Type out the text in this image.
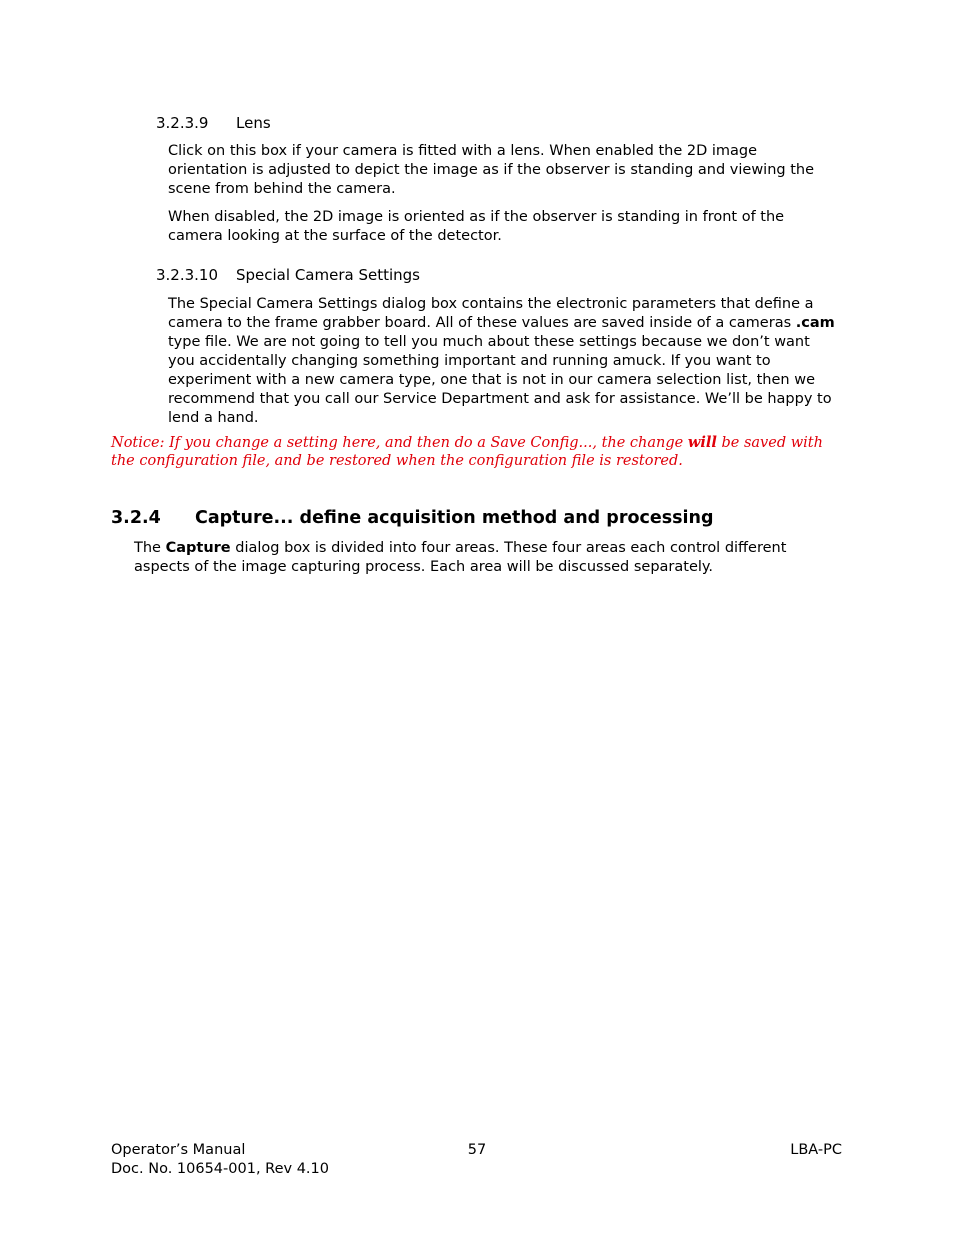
3.2.3.9 Lens

Click on this box if your camera is fitted with a lens. When enabled the 2D image orientation is adjusted to depict the image as if the observer is standing and viewing the scene from behind the camera.

When disabled, the 2D image is oriented as if the observer is standing in front of the camera looking at the surface of the detector.

3.2.3.10 Special Camera Settings

The Special Camera Settings dialog box contains the electronic parameters that define a camera to the frame grabber board. All of these values are saved inside of a cameras .cam type file. We are not going to tell you much about these settings because we don’t want you accidentally changing something important and running amuck. If you want to experiment with a new camera type, one that is not in our camera selection list, then we recommend that you call our Service Department and ask for assistance. We’ll be happy to lend a hand.

Notice: If you change a setting here, and then do a Save Config..., the change will be saved with the configuration file, and be restored when the configuration file is restored.

3.2.4 Capture... define acquisition method and processing

The Capture dialog box is divided into four areas. These four areas each control different aspects of the image capturing process. Each area will be discussed separately.

Operator’s Manual
Doc. No. 10654-001, Rev 4.10
57	LBA-PC
